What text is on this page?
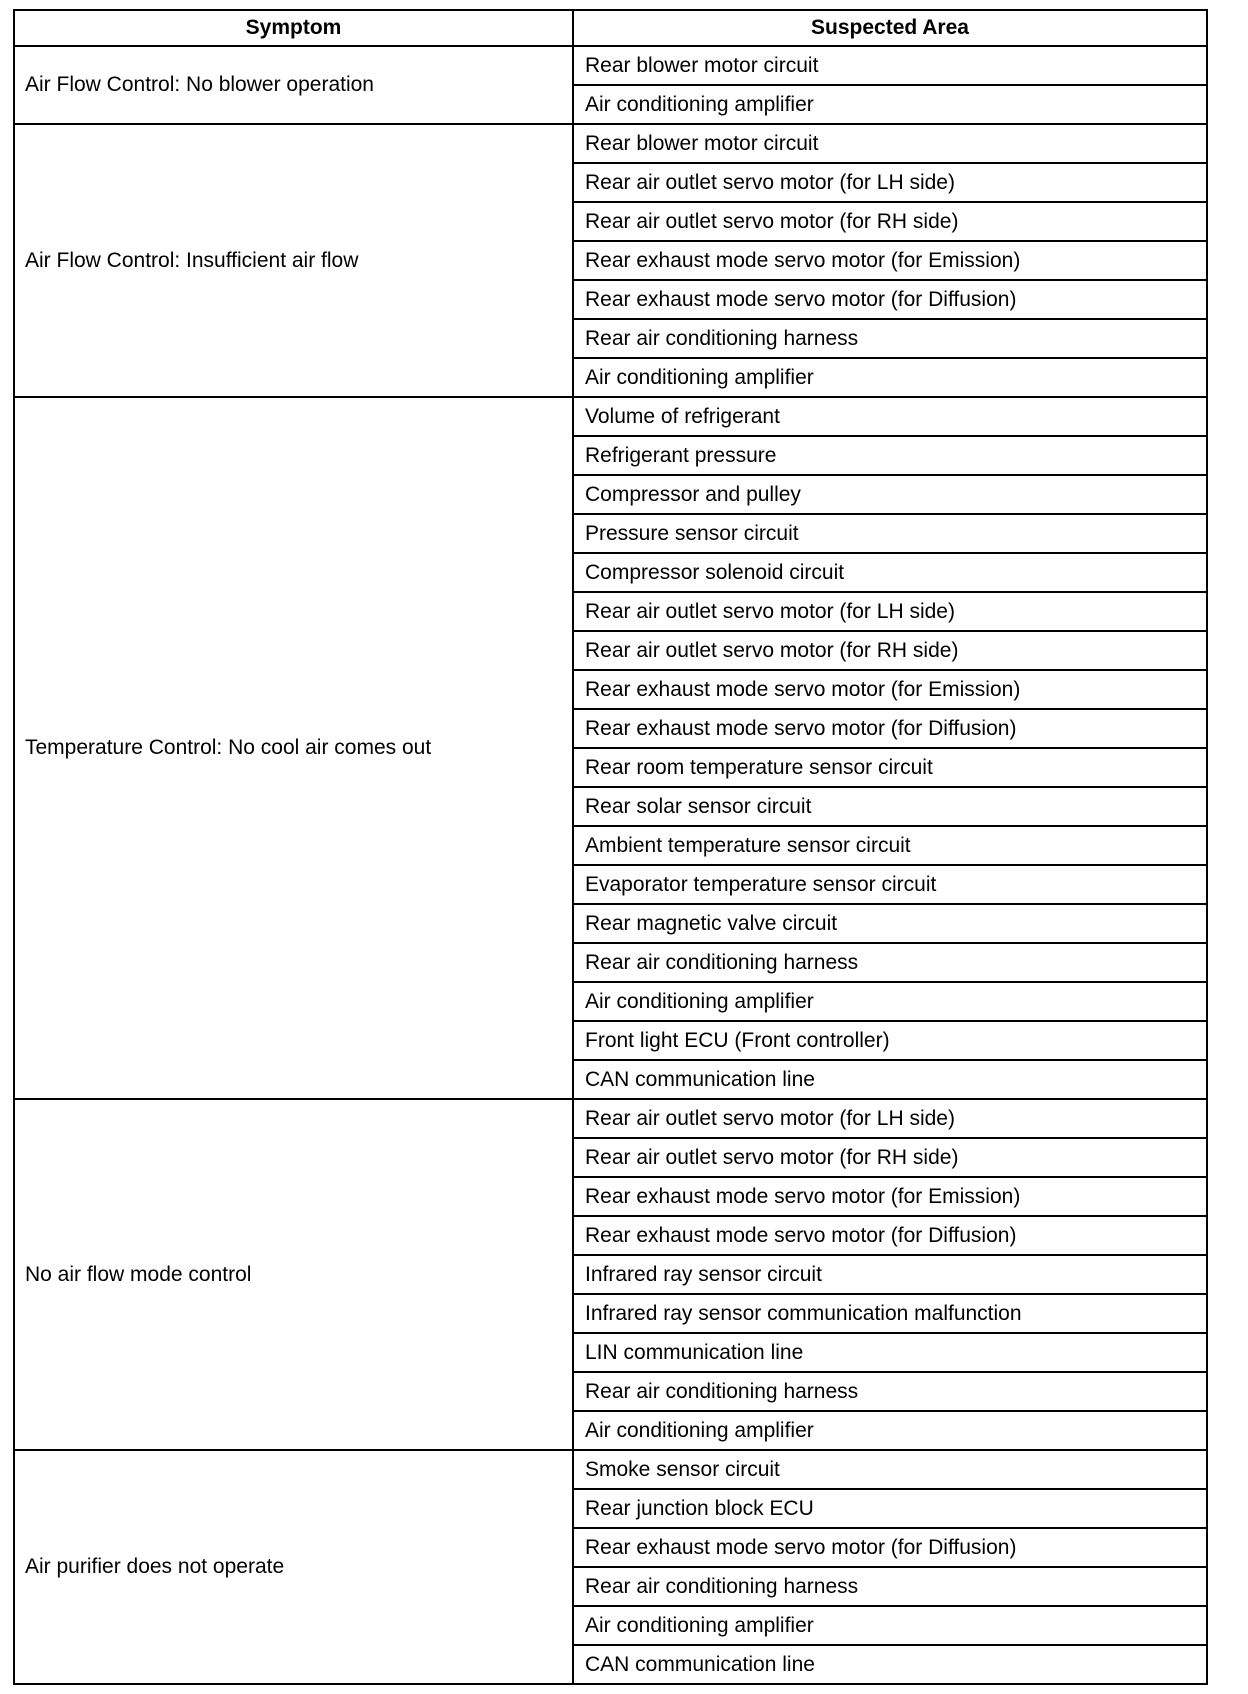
Symptom	Suspected Area
Air Flow Control: No blower operation	Rear blower motor circuit
	Air conditioning amplifier
Air Flow Control: Insufficient air flow	Rear blower motor circuit
	Rear air outlet servo motor (for LH side)
	Rear air outlet servo motor (for RH side)
	Rear exhaust mode servo motor (for Emission)
	Rear exhaust mode servo motor (for Diffusion)
	Rear air conditioning harness
	Air conditioning amplifier
Temperature Control: No cool air comes out	Volume of refrigerant
	Refrigerant pressure
	Compressor and pulley
	Pressure sensor circuit
	Compressor solenoid circuit
	Rear air outlet servo motor (for LH side)
	Rear air outlet servo motor (for RH side)
	Rear exhaust mode servo motor (for Emission)
	Rear exhaust mode servo motor (for Diffusion)
	Rear room temperature sensor circuit
	Rear solar sensor circuit
	Ambient temperature sensor circuit
	Evaporator temperature sensor circuit
	Rear magnetic valve circuit
	Rear air conditioning harness
	Air conditioning amplifier
	Front light ECU (Front controller)
	CAN communication line
No air flow mode control	Rear air outlet servo motor (for LH side)
	Rear air outlet servo motor (for RH side)
	Rear exhaust mode servo motor (for Emission)
	Rear exhaust mode servo motor (for Diffusion)
	Infrared ray sensor circuit
	Infrared ray sensor communication malfunction
	LIN communication line
	Rear air conditioning harness
	Air conditioning amplifier
Air purifier does not operate	Smoke sensor circuit
	Rear junction block ECU
	Rear exhaust mode servo motor (for Diffusion)
	Rear air conditioning harness
	Air conditioning amplifier
	CAN communication line
